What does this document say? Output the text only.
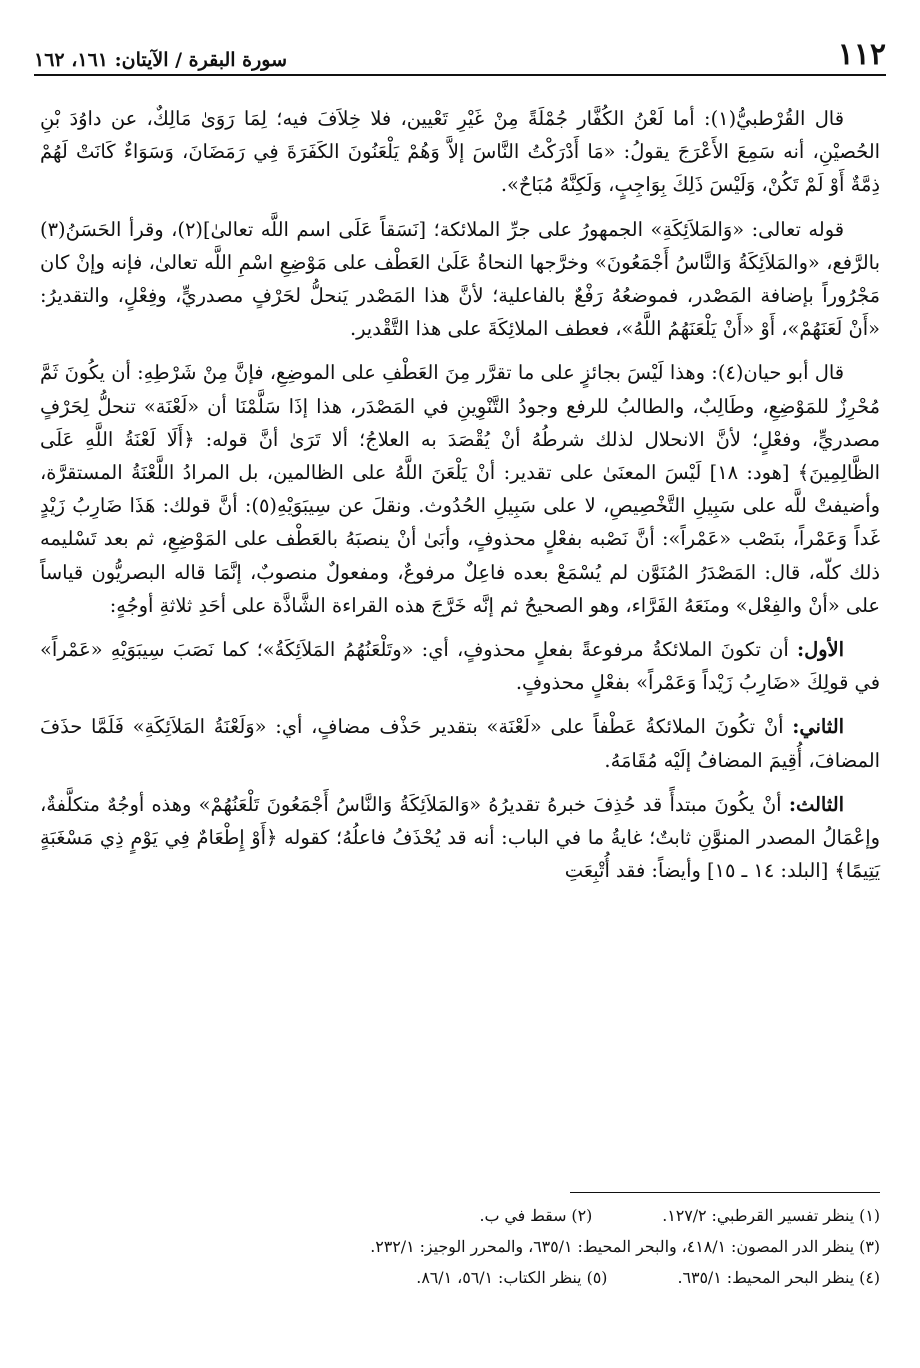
١١٢
سورة البقرة / الآيتان: ١٦١، ١٦٢

قال القُرْطبيُّ(١): أما لَعْنُ الكُفَّار جُمْلَةً مِنْ غَيْرِ تَعْيين، فلا خِلاَفَ فيه؛ لِمَا رَوَىٰ مَالِكٌ، عن داوُدَ بْنِ الحُصيْنِ، أنه سَمِعَ الأَعْرَجَ يقولُ: «مَا أَدْرَكْتُ النَّاسَ إلاَّ وَهُمْ يَلْعَنُونَ الكَفَرَةَ فِي رَمَضَانَ، وَسَوَاءٌ كَانَتْ لَهُمْ ذِمَّةٌ أَوْ لَمْ تَكُنْ، وَلَيْسَ ذَلِكَ بِوَاجِبٍ، وَلَكِنَّهُ مُبَاحٌ».

قوله تعالى: «وَالمَلاَئِكَةِ» الجمهورُ على جرِّ الملائكة؛ [نَسَقاً عَلَى اسم اللَّه تعالىٰ](٢)، وقرأ الحَسَنُ(٣) بالرَّفع، «والمَلاَئِكَةُ وَالنَّاسُ أَجْمَعُونَ» وخرَّجها النحاةُ عَلَىٰ العَطْف على مَوْضِعِ اسْمِ اللَّه تعالىٰ، فإنه وإنْ كان مَجْرُوراً بإضافة المَصْدر، فموضعُهُ رَفْعٌ بالفاعلية؛ لأنَّ هذا المَصْدر يَنحلُّ لحَرْفٍ مصدريٍّ، وفِعْلٍ، والتقديرُ: «أَنْ لَعَنَهُمْ»، أَوْ «أَنْ يَلْعَنَهُمُ اللَّهُ»، فعطف الملائِكَةَ على هذا التَّقْدير.

قال أبو حيان(٤): وهذا لَيْسَ بجائزٍ على ما تقرَّر مِنَ العَطْفِ على الموضِعِ، فإنَّ مِنْ شَرْطِهِ: أن يكُونَ ثَمَّ مُحْرِزٌ للمَوْضِعِ، وطَالِبٌ، والطالبُ للرفع وجودُ التَّنْوِينِ في المَصْدَر، هذا إذَا سَلَّمْنَا أن «لَعْنَة» تنحلُّ لِحَرْفٍ مصدريٍّ، وفعْلٍ؛ لأنَّ الانحلال لذلك شرطُهُ أنْ يُقْصَدَ به العلاجُ؛ ألا تَرَىٰ أنَّ قوله: ﴿أَلَا لَعْنَةُ اللَّهِ عَلَى الظَّالِمِينَ﴾ [هود: ١٨] لَيْسَ المعنَىٰ على تقدير: أنْ يَلْعَنَ اللَّهُ على الظالمين، بل المرادُ اللَّعْنَةُ المستقرَّة، وأضيفتْ للَّه على سَبِيلِ التَّخْصِيصِ، لا على سَبِيلِ الحُدُوث. ونقلَ عن سِيبَوَيْهِ(٥): أنَّ قولك: هَذَا ضَارِبُ زَيْدٍ غَداً وَعَمْراً، بنَصْب «عَمْراً»: أنَّ نَصْبه بفعْلٍ محذوفٍ، وأبَىٰ أنْ ينصبَهُ بالعَطْف على المَوْضِعِ، ثم بعد تَسْليمه ذلك كلّه، قال: المَصْدَرُ المُنَوَّن لم يُسْمَعْ بعده فاعِلٌ مرفوعٌ، ومفعولٌ منصوبٌ، إنَّمَا قاله البصريُّون قياساً على «أنْ والفِعْل» ومنَعَهُ الفَرَّاء، وهو الصحيحُ ثم إنَّه خَرَّجَ هذه القراءة الشَّاذَّة على أحَدِ ثلاثةِ أوجُهٍ:

الأول: أن تكونَ الملائكةُ مرفوعةً بفعلٍ محذوفٍ، أي: «وتَلْعَنُهُمُ المَلاَئِكَةُ»؛ كما نَصَبَ سِيبَوَيْهِ «عَمْراً» في قولِكَ «ضَارِبُ زَيْداً وَعَمْراً» بفعْلٍ محذوفٍ.

الثاني: أنْ تكُونَ الملائكةُ عَطْفاً على «لَعْنَة» بتقدير حَذْف مضافٍ، أي: «وَلَعْنَةُ المَلاَئِكَةِ» فَلَمَّا حذَفَ المضافَ، أُقِيمَ المضافُ إلَيْه مُقَامَهُ.

الثالث: أنْ يكُونَ مبتدأً قد حُذِفَ خبرهُ تقديرُهُ «وَالمَلاَئِكَةُ وَالنَّاسُ أَجْمَعُونَ تَلْعَنُهُمْ» وهذه أوجُهٌ متكلَّفةٌ، وإعْمَالُ المصدر المنوَّنِ ثابتٌ؛ غايةُ ما في الباب: أنه قد يُحْذَفُ فاعلُهُ؛ كقوله ﴿أَوْ إِطْعَامٌ فِي يَوْمٍ ذِي مَسْغَبَةٍ يَتِيمًا﴾ [البلد: ١٤ ـ ١٥] وأيضاً: فقد أُتْبِعَتِ

(١) ينظر تفسير القرطبي: ١٢٧/٢.
(٢) سقط في ب.
(٣) ينظر الدر المصون: ٤١٨/١، والبحر المحيط: ٦٣٥/١، والمحرر الوجيز: ٢٣٢/١.
(٤) ينظر البحر المحيط: ٦٣٥/١.
(٥) ينظر الكتاب: ٥٦/١، ٨٦/١.
